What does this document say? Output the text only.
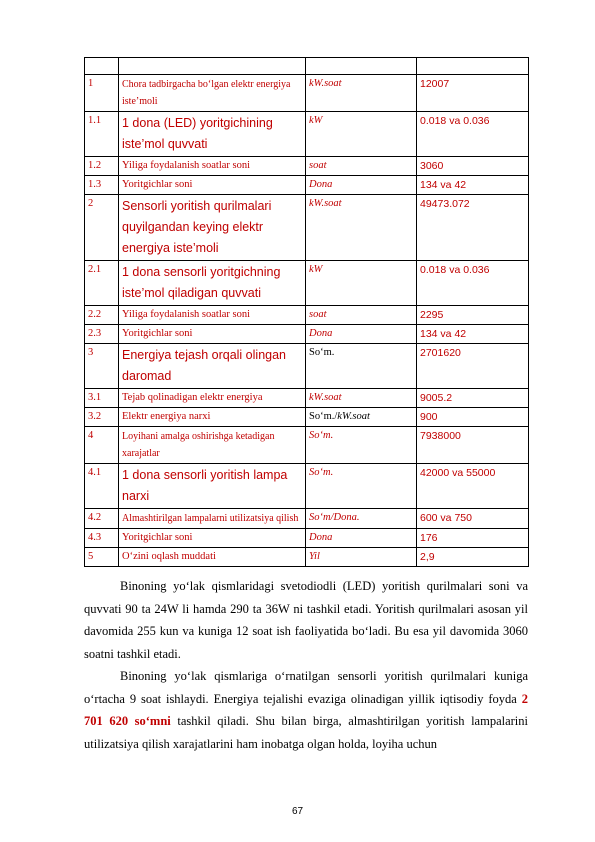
1	Chora tadbirgacha bo‘lgan elektr energiya iste’moli	kW.soat	12007
1.1	1 dona (LED) yoritgichining iste’mol quvvati	kW	0.018 va 0.036
1.2	Yiliga foydalanish soatlar soni	soat	3060
1.3	Yoritgichlar soni	Dona	134 va 42
2	Sensorli yoritish qurilmalari quyilgandan keying elektr energiya iste’moli	kW.soat	49473.072
2.1	1 dona sensorli yoritgichning iste’mol qiladigan quvvati	kW	0.018 va 0.036
2.2	Yiliga foydalanish soatlar soni	soat	2295
2.3	Yoritgichlar soni	Dona	134 va 42
3	Energiya tejash orqali olingan daromad	So‘m.	2701620
3.1	Tejab qolinadigan elektr energiya	kW.soat	9005.2
3.2	Elektr energiya narxi	So‘m./kW.soat	900
4	Loyihani amalga oshirishga ketadigan xarajatlar	So‘m.	7938000
4.1	1 dona sensorli yoritish lampa narxi	So‘m.	42000 va 55000
4.2	Almashtirilgan lampalarni utilizatsiya qilish	So‘m/Dona.	600 va 750
4.3	Yoritgichlar soni	Dona	176
5	O‘zini oqlash muddati	Yil	2,9

Binoning yo‘lak qismlaridagi svetodiodli (LED) yoritish qurilmalari soni va quvvati 90 ta 24W li hamda 290 ta 36W ni tashkil etadi. Yoritish qurilmalari asosan yil davomida 255 kun va kuniga 12 soat ish faoliyatida bo‘ladi. Bu esa yil davomida 3060 soatni tashkil etadi.

Binoning yo‘lak qismlariga o‘rnatilgan sensorli yoritish qurilmalari kuniga o‘rtacha 9 soat ishlaydi. Energiya tejalishi evaziga olinadigan yillik iqtisodiy foyda 2 701 620 so‘mni tashkil qiladi. Shu bilan birga, almashtirilgan yoritish lampalarini utilizatsiya qilish xarajatlarini ham inobatga olgan holda, loyiha uchun

67
